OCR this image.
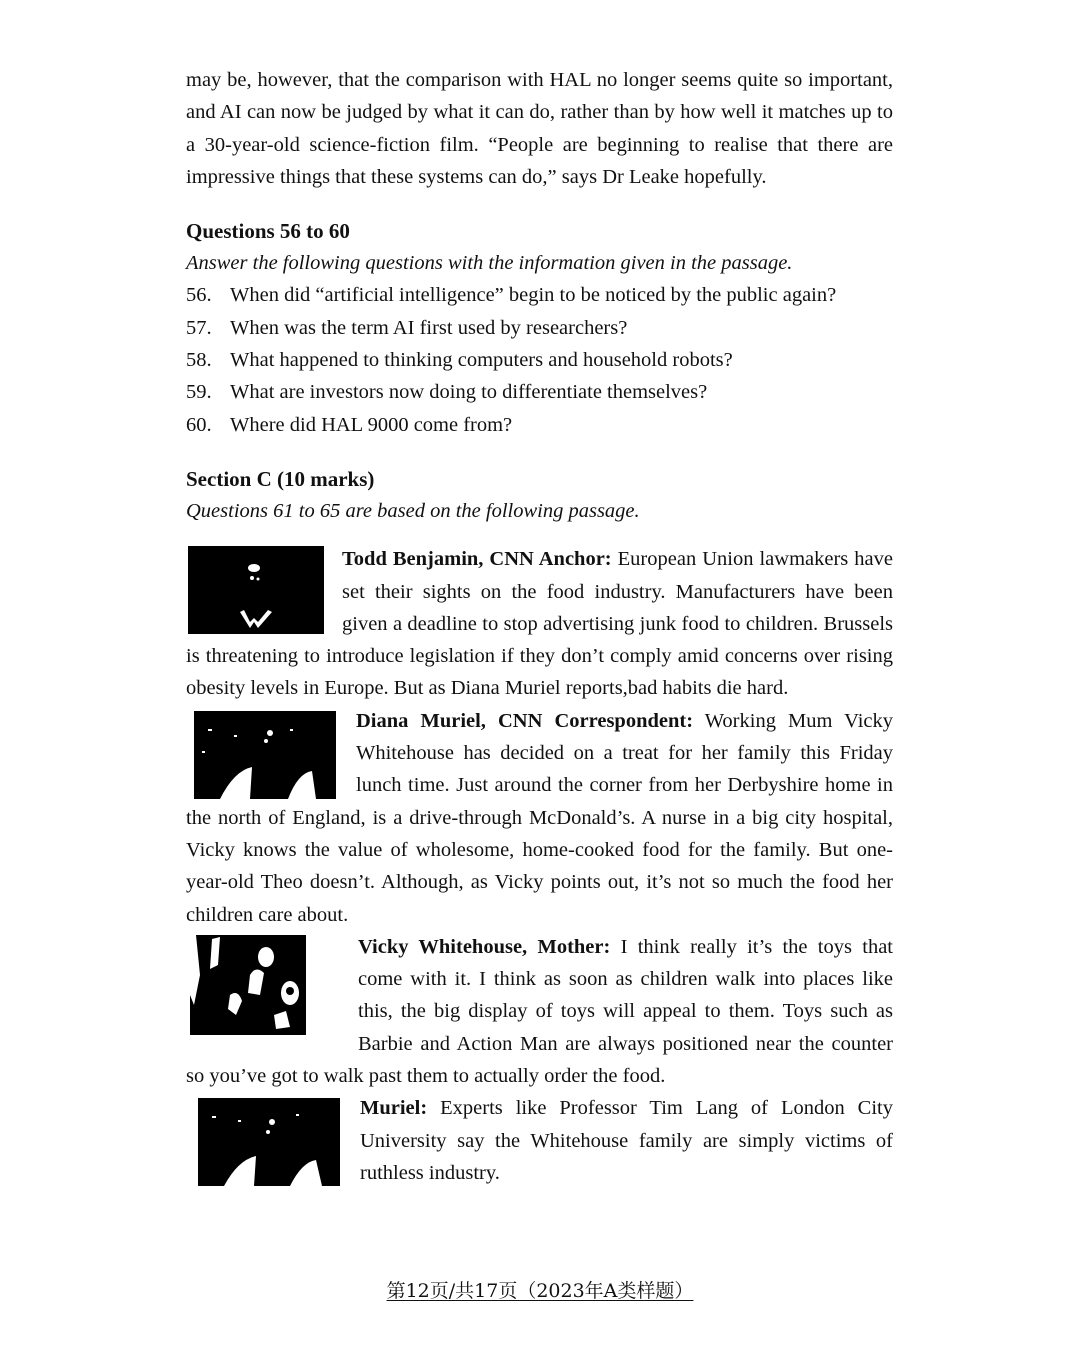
may be, however, that the comparison with HAL no longer seems quite so important, and AI can now be judged by what it can do, rather than by how well it matches up to a 30-year-old science-fiction film. “People are beginning to realise that there are impressive things that these systems can do,” says Dr Leake hopefully.

Questions 56 to 60
Answer the following questions with the information given in the passage.
56. When did “artificial intelligence” begin to be noticed by the public again?
57. When was the term AI first used by researchers?
58. What happened to thinking computers and household robots?
59. What are investors now doing to differentiate themselves?
60. Where did HAL 9000 come from?
Section C (10 marks)
Questions 61 to 65 are based on the following passage.

Todd Benjamin, CNN Anchor: European Union lawmakers have set their sights on the food industry. Manufacturers have been given a deadline to stop advertising junk food to children. Brussels is threatening to introduce legislation if they don’t comply amid concerns over rising obesity levels in Europe. But as Diana Muriel reports,bad habits die hard.

Diana Muriel, CNN Correspondent: Working Mum Vicky Whitehouse has decided on a treat for her family this Friday lunch time. Just around the corner from her Derbyshire home in the north of England, is a drive-through McDonald’s. A nurse in a big city hospital, Vicky knows the value of wholesome, home-cooked food for the family. But one-year-old Theo doesn’t. Although, as Vicky points out, it’s not so much the food her children care about.

Vicky Whitehouse, Mother: I think really it’s the toys that come with it. I think as soon as children walk into places like this, the big display of toys will appeal to them. Toys such as Barbie and Action Man are always positioned near the counter so you’ve got to walk past them to actually order the food.

Muriel: Experts like Professor Tim Lang of London City University say the Whitehouse family are simply victims of ruthless industry.

第12页/共17页（2023年A类样题）
